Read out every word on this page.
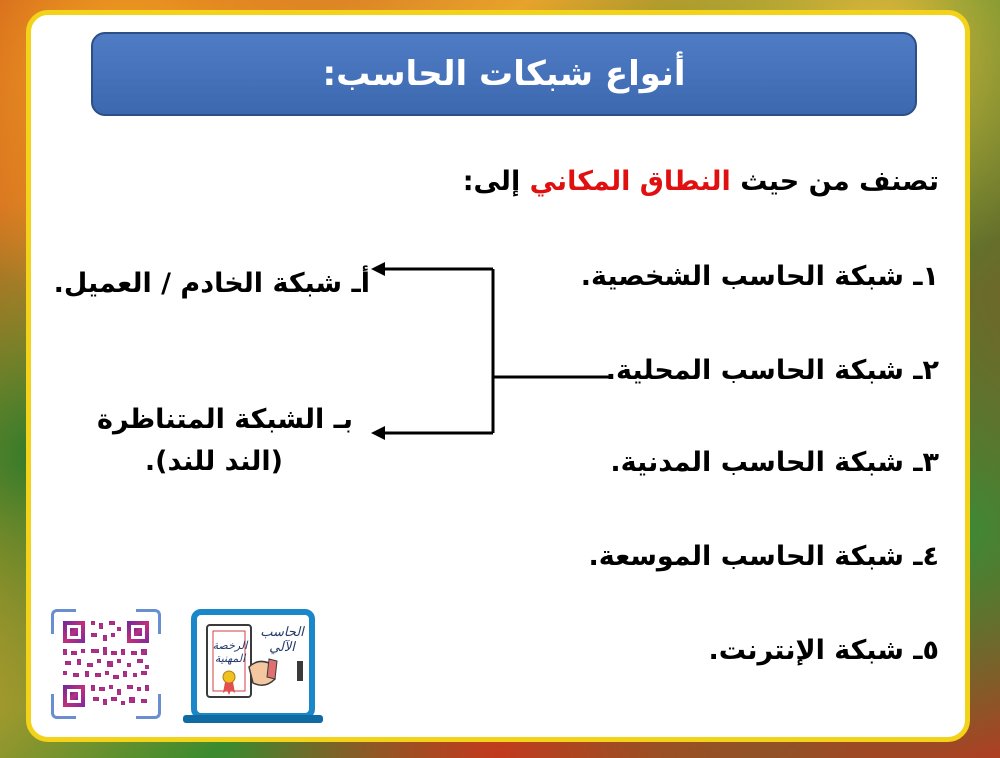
أنواع شبكات الحاسب:
تصنف من حيث النطاق المكاني إلى:
١ـ شبكة الحاسب الشخصية.
٢ـ شبكة الحاسب المحلية.
٣ـ شبكة الحاسب المدنية.
٤ـ شبكة الحاسب الموسعة.
٥ـ شبكة الإنترنت.
أـ شبكة الخادم / العميل.
بـ الشبكة المتناظرة
(الند للند).
الرخصة المهنية
الحاسب الآلي
